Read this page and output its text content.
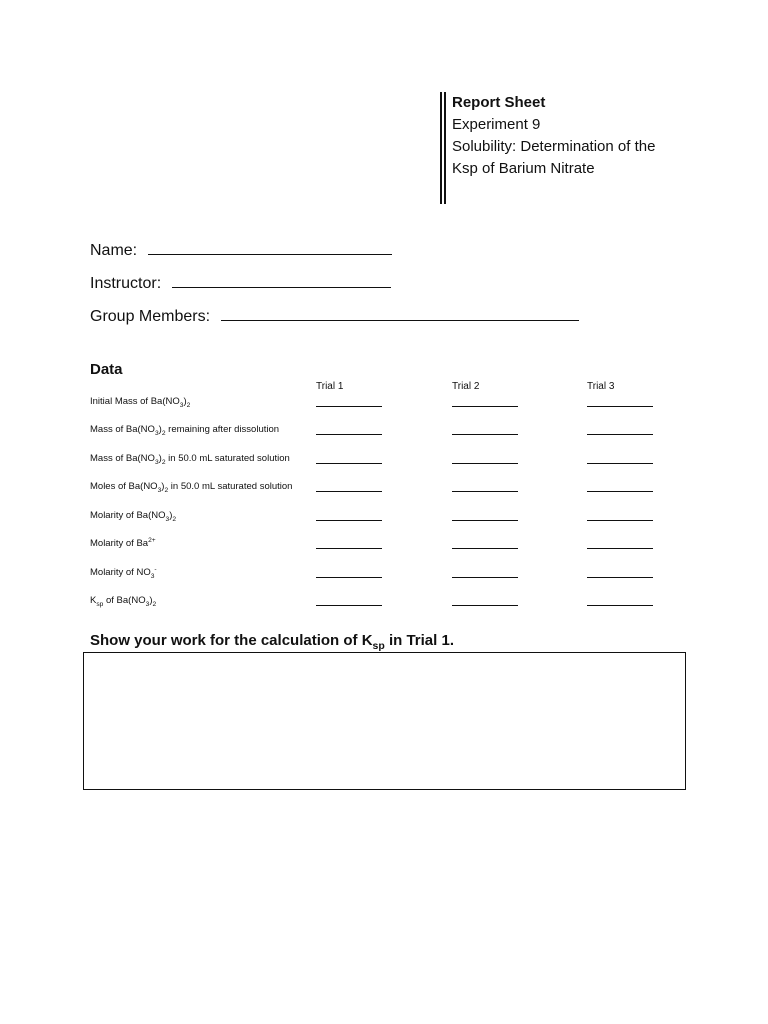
Report Sheet
Experiment 9
Solubility: Determination of the
Ksp of Barium Nitrate
Name:
Instructor:
Group Members:
Data
Trial 1	Trial 2	Trial 3
Initial Mass of $Ba(NO_3)_2$
Mass of $Ba(NO_3)_2$ remaining after dissolution
Mass of $Ba(NO_3)_2$ in 50.0 mL saturated solution
Moles of $Ba(NO_3)_2$ in 50.0 mL saturated solution
Molarity of $Ba(NO_3)_2$
Molarity of $Ba^{2+}$
Molarity of $NO_3^-$
$K_{sp}$ of $Ba(NO_3)_2$
Show your work for the calculation of $K_{sp}$ in Trial 1.
